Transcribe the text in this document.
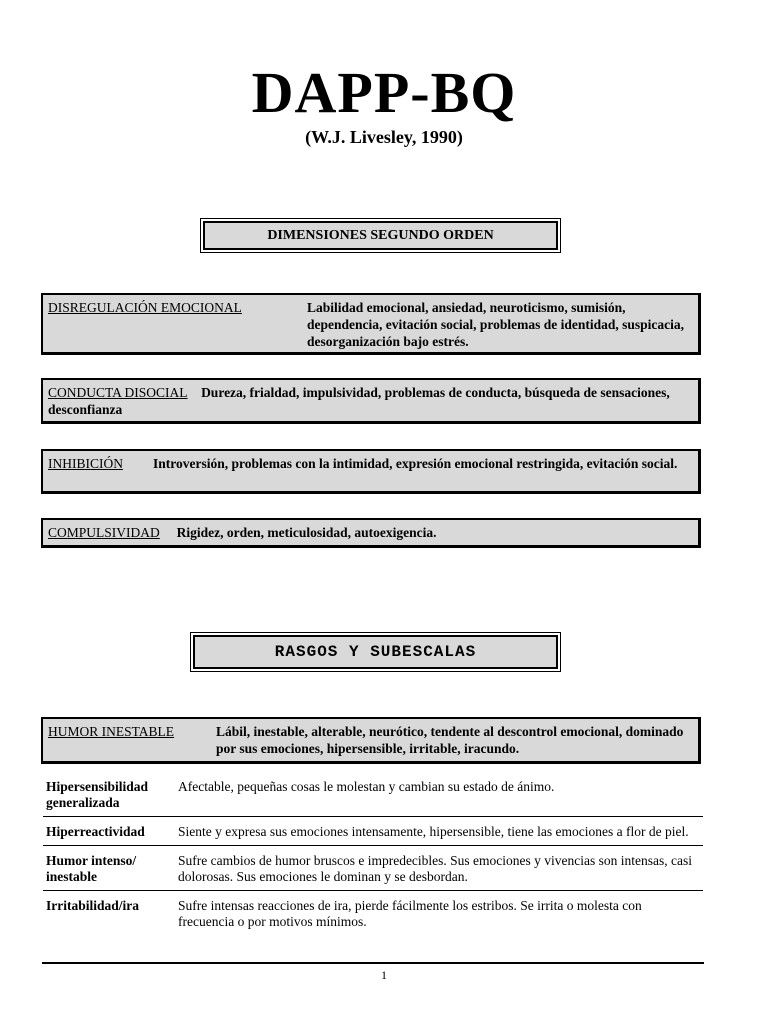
DAPP-BQ
(W.J. Livesley, 1990)
DIMENSIONES SEGUNDO ORDEN
DISREGULACIÓN EMOCIONAL	Labilidad emocional, ansiedad, neuroticismo, sumisión, dependencia, evitación social, problemas de identidad, suspicacia, desorganización bajo estrés.
CONDUCTA DISOCIAL Dureza, frialdad, impulsividad, problemas de conducta, búsqueda de sensaciones, desconfianza
INHIBICIÓN	Introversión, problemas con la intimidad, expresión emocional restringida, evitación social.
COMPULSIVIDAD Rigidez, orden, meticulosidad, autoexigencia.
RASGOS Y SUBESCALAS
HUMOR INESTABLE	Lábil, inestable, alterable, neurótico, tendente al descontrol emocional, dominado por sus emociones, hipersensible, irritable, iracundo.
Hipersensibilidad generalizada	Afectable, pequeñas cosas le molestan y cambian su estado de ánimo.
Hiperreactividad	Siente y expresa sus emociones intensamente, hipersensible, tiene las emociones a flor de piel.
Humor intenso/ inestable	Sufre cambios de humor bruscos e impredecibles. Sus emociones y vivencias son intensas, casi dolorosas. Sus emociones le dominan y se desbordan.
Irritabilidad/ira	Sufre intensas reacciones de ira, pierde fácilmente los estribos. Se irrita o molesta con frecuencia o por motivos mínimos.
1
